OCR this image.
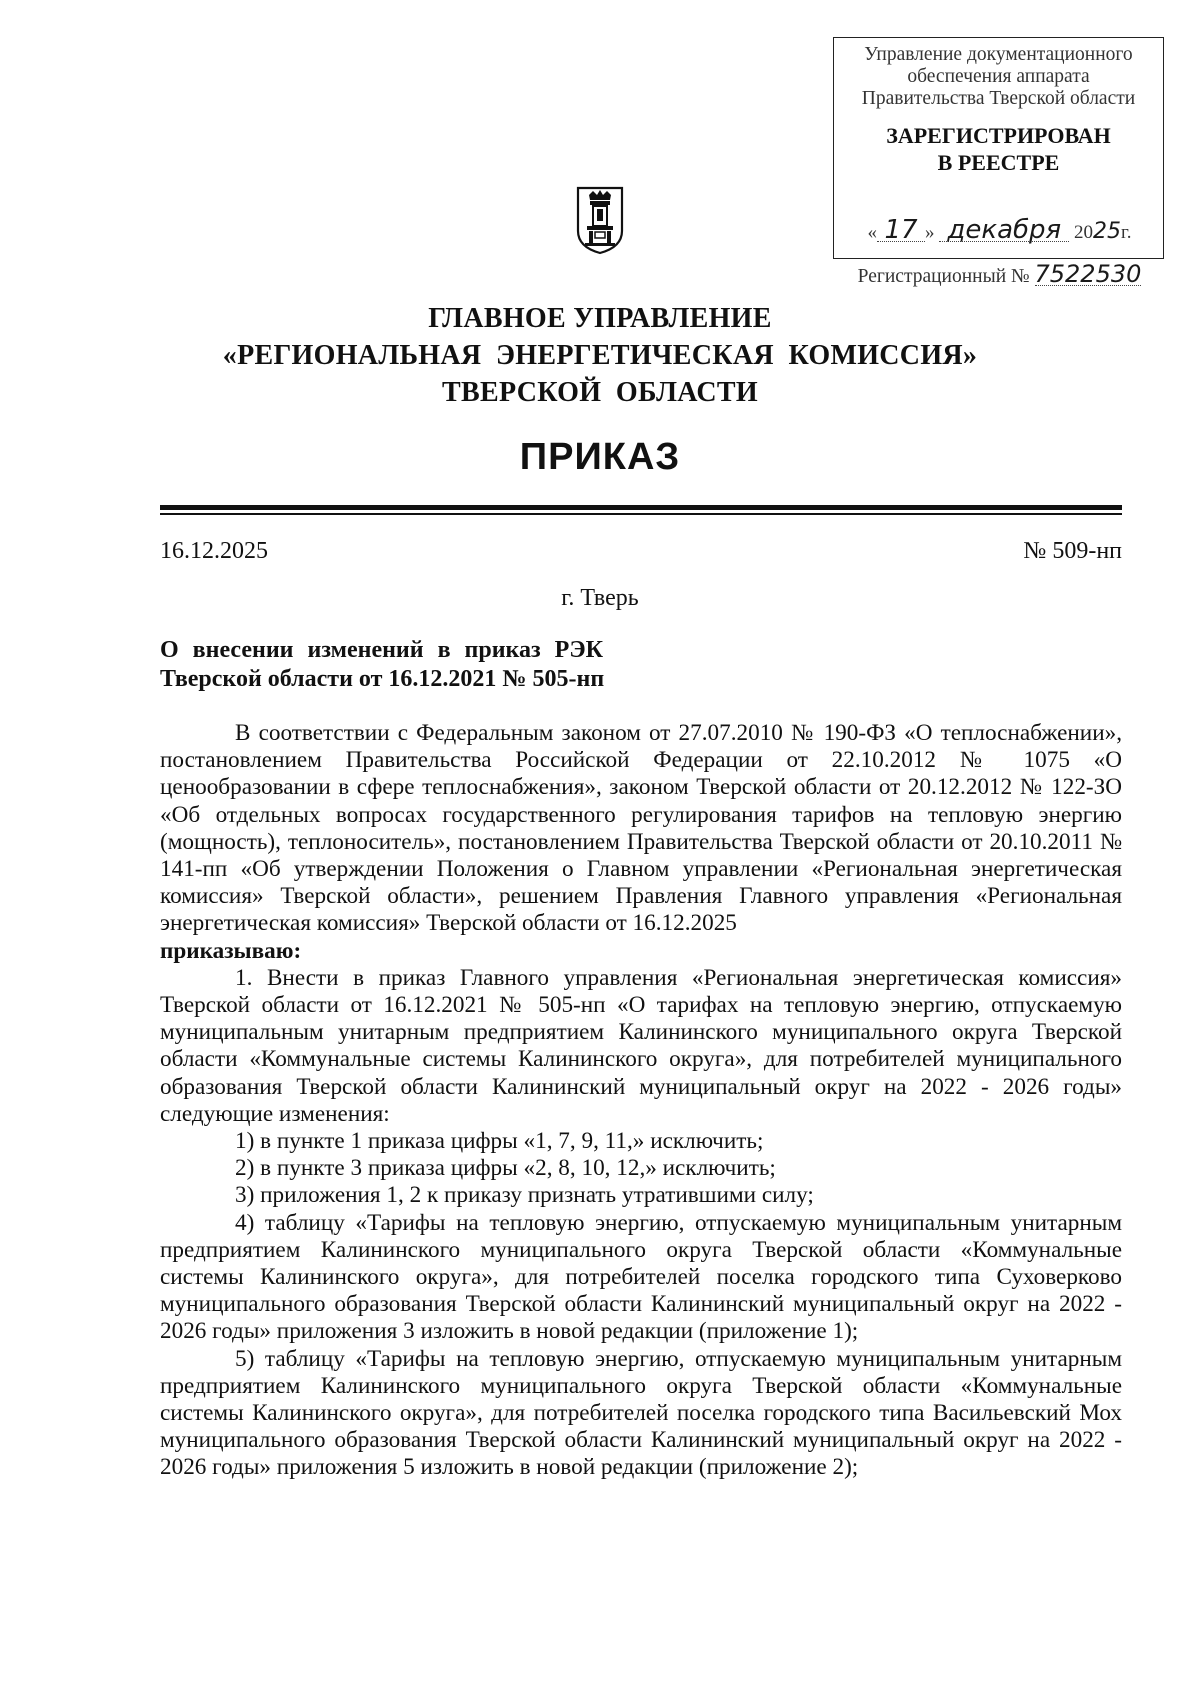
Управление документационного
обеспечения аппарата
Правительства Тверской области
ЗАРЕГИСТРИРОВАН
В РЕЕСТРЕ
« 17 » декабря 2025г.
Регистрационный № 7522530
ГЛАВНОЕ УПРАВЛЕНИЕ
«РЕГИОНАЛЬНАЯ  ЭНЕРГЕТИЧЕСКАЯ  КОМИССИЯ»
ТВЕРСКОЙ  ОБЛАСТИ
ПРИКАЗ
16.12.2025	№ 509-нп
г. Тверь
О внесении изменений в приказ РЭК
Тверской области от 16.12.2021 № 505-нп

В соответствии с Федеральным законом от 27.07.2010 № 190-ФЗ «О теплоснабжении», постановлением Правительства Российской Федерации от 22.10.2012 № 1075 «О ценообразовании в сфере теплоснабжения», законом Тверской области от 20.12.2012 № 122-ЗО «Об отдельных вопросах государственного регулирования тарифов на тепловую энергию (мощность), теплоноситель», постановлением Правительства Тверской области от 20.10.2011 № 141-пп «Об утверждении Положения о Главном управлении «Региональная энергетическая комиссия» Тверской области», решением Правления Главного управления «Региональная энергетическая комиссия» Тверской области от 16.12.2025

приказываю:

1. Внести в приказ Главного управления «Региональная энергетическая комиссия» Тверской области от 16.12.2021 № 505-нп «О тарифах на тепловую энергию, отпускаемую муниципальным унитарным предприятием Калининского муниципального округа Тверской области «Коммунальные системы Калининского округа», для потребителей муниципального образования Тверской области Калининский муниципальный округ на 2022 - 2026 годы» следующие изменения:

1) в пункте 1 приказа цифры «1, 7, 9, 11,» исключить;

2) в пункте 3 приказа цифры «2, 8, 10, 12,» исключить;

3) приложения 1, 2 к приказу признать утратившими силу;

4) таблицу «Тарифы на тепловую энергию, отпускаемую муниципальным унитарным предприятием Калининского муниципального округа Тверской области «Коммунальные системы Калининского округа», для потребителей поселка городского типа Суховерково муниципального образования Тверской области Калининский муниципальный округ на 2022 - 2026 годы» приложения 3 изложить в новой редакции (приложение 1);

5) таблицу «Тарифы на тепловую энергию, отпускаемую муниципальным унитарным предприятием Калининского муниципального округа Тверской области «Коммунальные системы Калининского округа», для потребителей поселка городского типа Васильевский Мох муниципального образования Тверской области Калининский муниципальный округ на 2022 - 2026 годы» приложения 5 изложить в новой редакции (приложение 2);
